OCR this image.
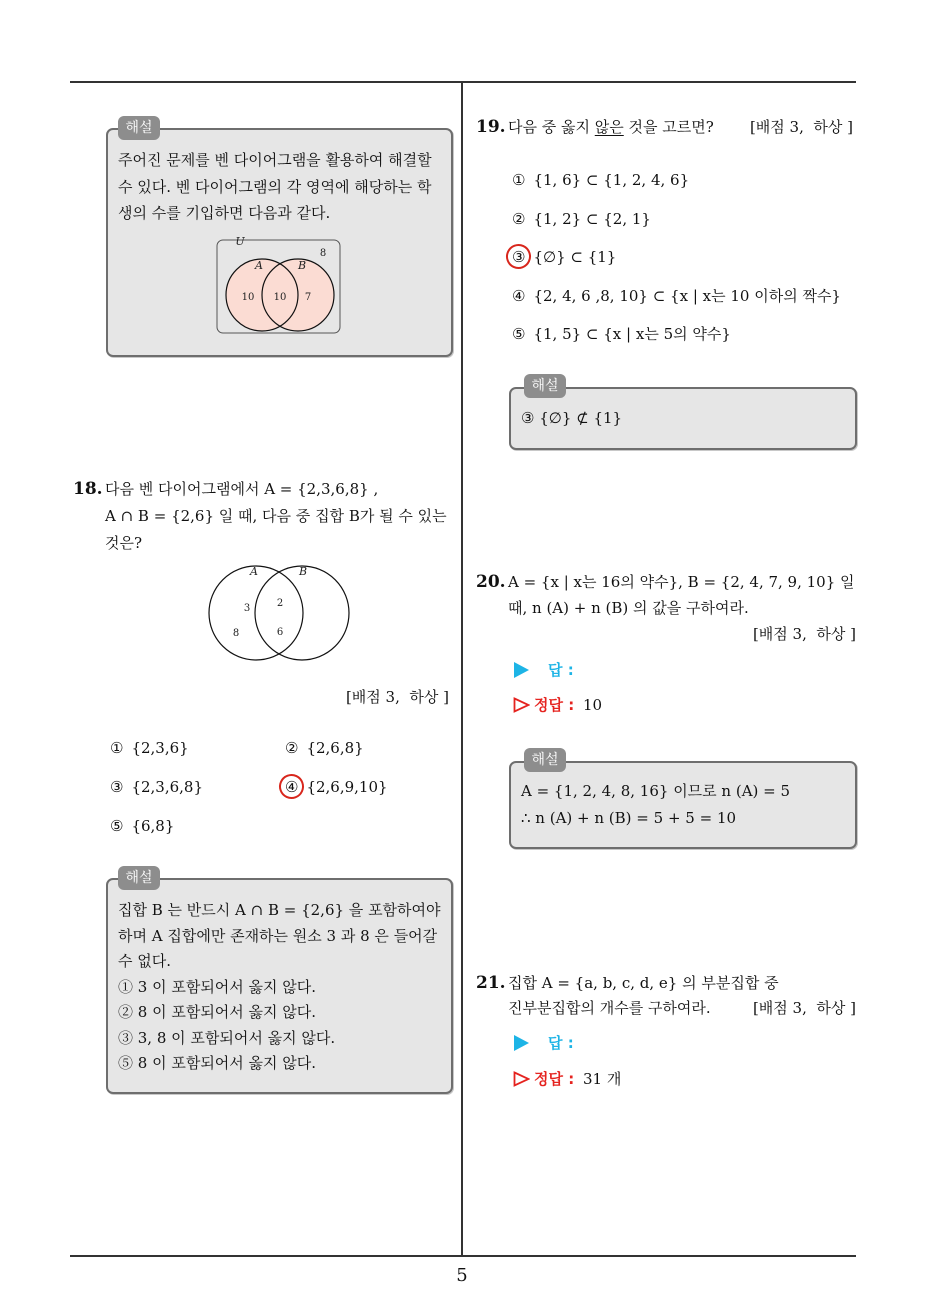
해설
주어진 문제를 벤 다이어그램을 활용하여 해결할
수 있다. 벤 다이어그램의 각 영역에 해당하는 학
생의 수를 기입하면 다음과 같다.
U
8
A	B
10 10 7
18. 다음 벤 다이어그램에서 A = {2,3,6,8} ,
A ∩ B = {2,6} 일 때, 다음 중 집합 B가 될 수 있는
것은?
A	B
3
8
2
6
[배점 3,  하상 ]
① {2,3,6}	② {2,6,8}
③ {2,3,6,8}	④ {2,6,9,10}
⑤ {6,8}
해설
집합 B 는 반드시 A ∩ B = {2,6} 을 포함하여야
하며 A 집합에만 존재하는 원소 3 과 8 은 들어갈
수 없다.
① 3 이 포함되어서 옳지 않다.
② 8 이 포함되어서 옳지 않다.
③ 3, 8 이 포함되어서 옳지 않다.
⑤ 8 이 포함되어서 옳지 않다.
19. 다음 중 옳지 않은 것을 고르면? [배점 3,  하상 ]
① {1, 6} ⊂ {1, 2, 4, 6}
② {1, 2} ⊂ {2, 1}
③ {∅} ⊂ {1}
④ {2, 4, 6 ,8, 10} ⊂ {x | x는 10 이하의 짝수}
⑤ {1, 5} ⊂ {x | x는 5의 약수}
해설
③ {∅} ⊄ {1}
20. A = {x | x는 16의 약수}, B = {2, 4, 7, 9, 10} 일
때, n (A) + n (B) 의 값을 구하여라.
[배점 3,  하상 ]
답 :
정답 : 10
해설
A = {1, 2, 4, 8, 16} 이므로 n (A) = 5
∴ n (A) + n (B) = 5 + 5 = 10
21. 집합 A = {a, b, c, d, e} 의 부분집합 중
진부분집합의 개수를 구하여라.	[배점 3,  하상 ]
답 :
정답 : 31 개
5
